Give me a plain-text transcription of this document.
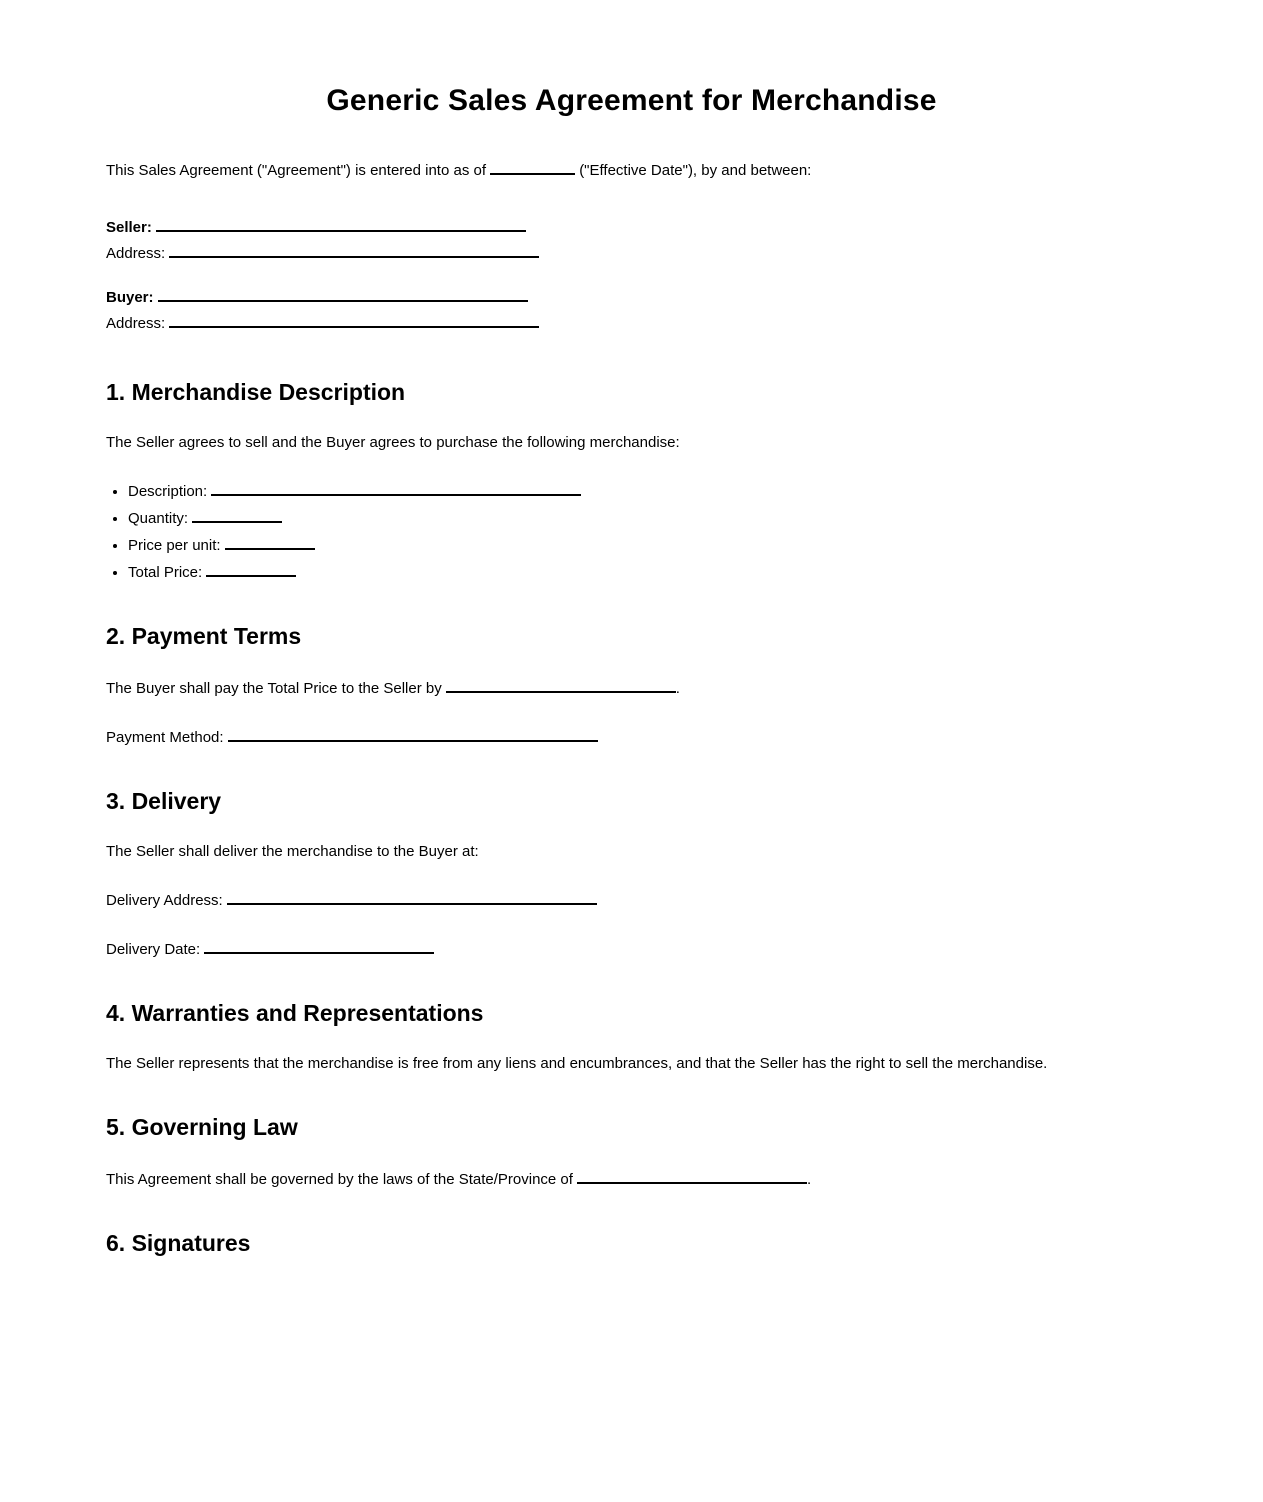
Generic Sales Agreement for Merchandise

This Sales Agreement ("Agreement") is entered into as of	("Effective Date"), by and between:

Seller:
Address:

Buyer:
Address:

1. Merchandise Description

The Seller agrees to sell and the Buyer agrees to purchase the following merchandise:

• Description:
• Quantity:
• Price per unit:
• Total Price:
2. Payment Terms

The Buyer shall pay the Total Price to the Seller by	.

Payment Method:

3. Delivery

The Seller shall deliver the merchandise to the Buyer at:

Delivery Address:

Delivery Date:

4. Warranties and Representations

The Seller represents that the merchandise is free from any liens and encumbrances, and that the Seller has the right to sell the merchandise.

5. Governing Law

This Agreement shall be governed by the laws of the State/Province of	.

6. Signatures
